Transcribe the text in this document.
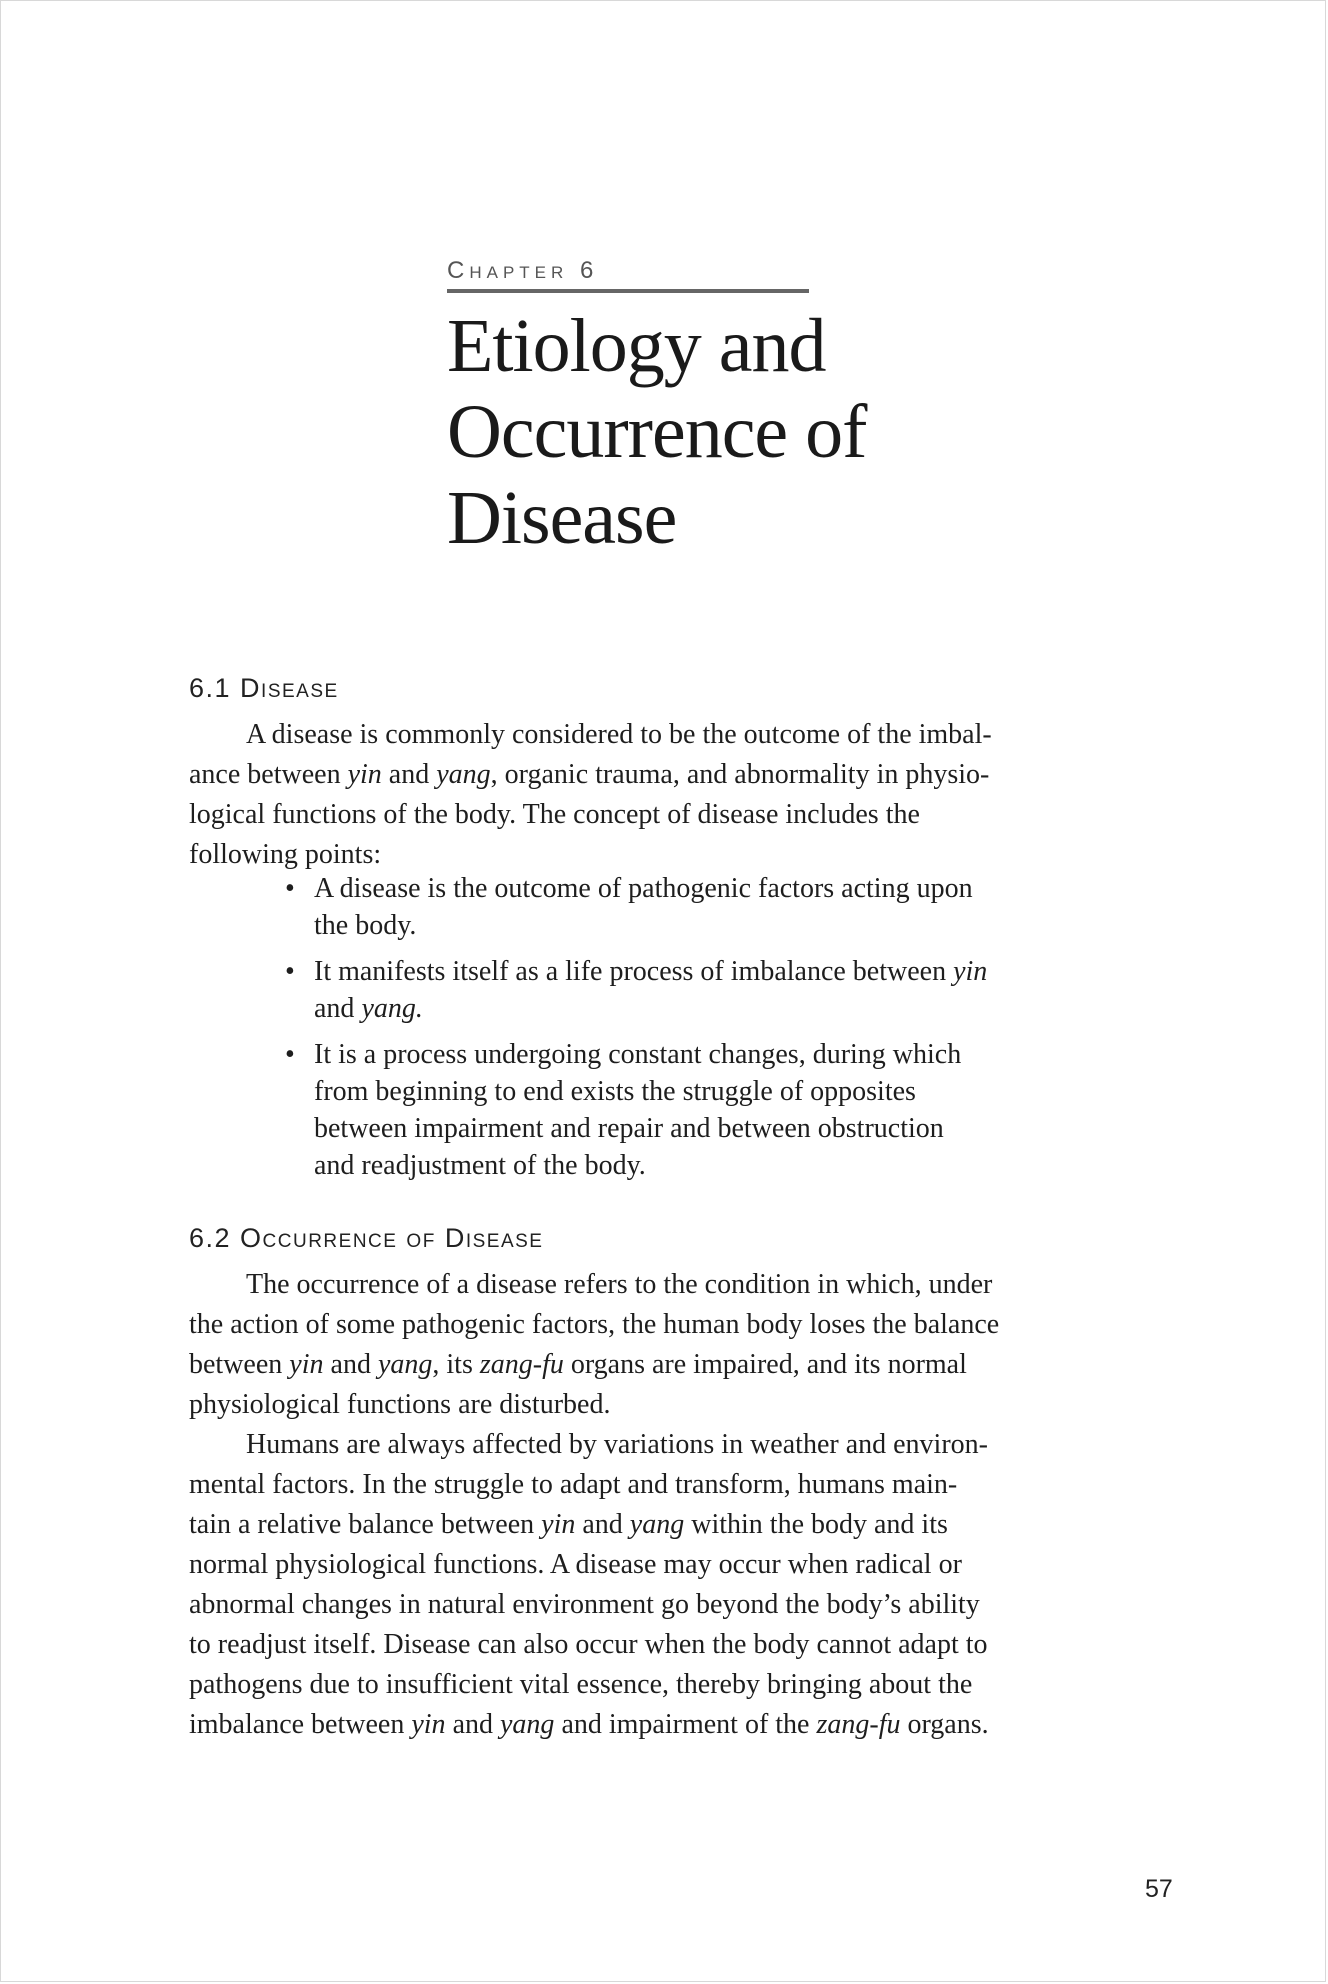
Chapter 6
Etiology and
Occurrence of
Disease
6.1 Disease
A disease is commonly considered to be the outcome of the imbal-
ance between yin and yang, organic trauma, and abnormality in physio-
logical functions of the body. The concept of disease includes the
following points:
• A disease is the outcome of pathogenic factors acting upon
the body.
• It manifests itself as a life process of imbalance between yin
and yang.
• It is a process undergoing constant changes, during which
from beginning to end exists the struggle of opposites
between impairment and repair and between obstruction
and readjustment of the body.
6.2 Occurrence of Disease
The occurrence of a disease refers to the condition in which, under
the action of some pathogenic factors, the human body loses the balance
between yin and yang, its zang-fu organs are impaired, and its normal
physiological functions are disturbed.
Humans are always affected by variations in weather and environ-
mental factors. In the struggle to adapt and transform, humans main-
tain a relative balance between yin and yang within the body and its
normal physiological functions. A disease may occur when radical or
abnormal changes in natural environment go beyond the body’s ability
to readjust itself. Disease can also occur when the body cannot adapt to
pathogens due to insufficient vital essence, thereby bringing about the
imbalance between yin and yang and impairment of the zang-fu organs.
57
